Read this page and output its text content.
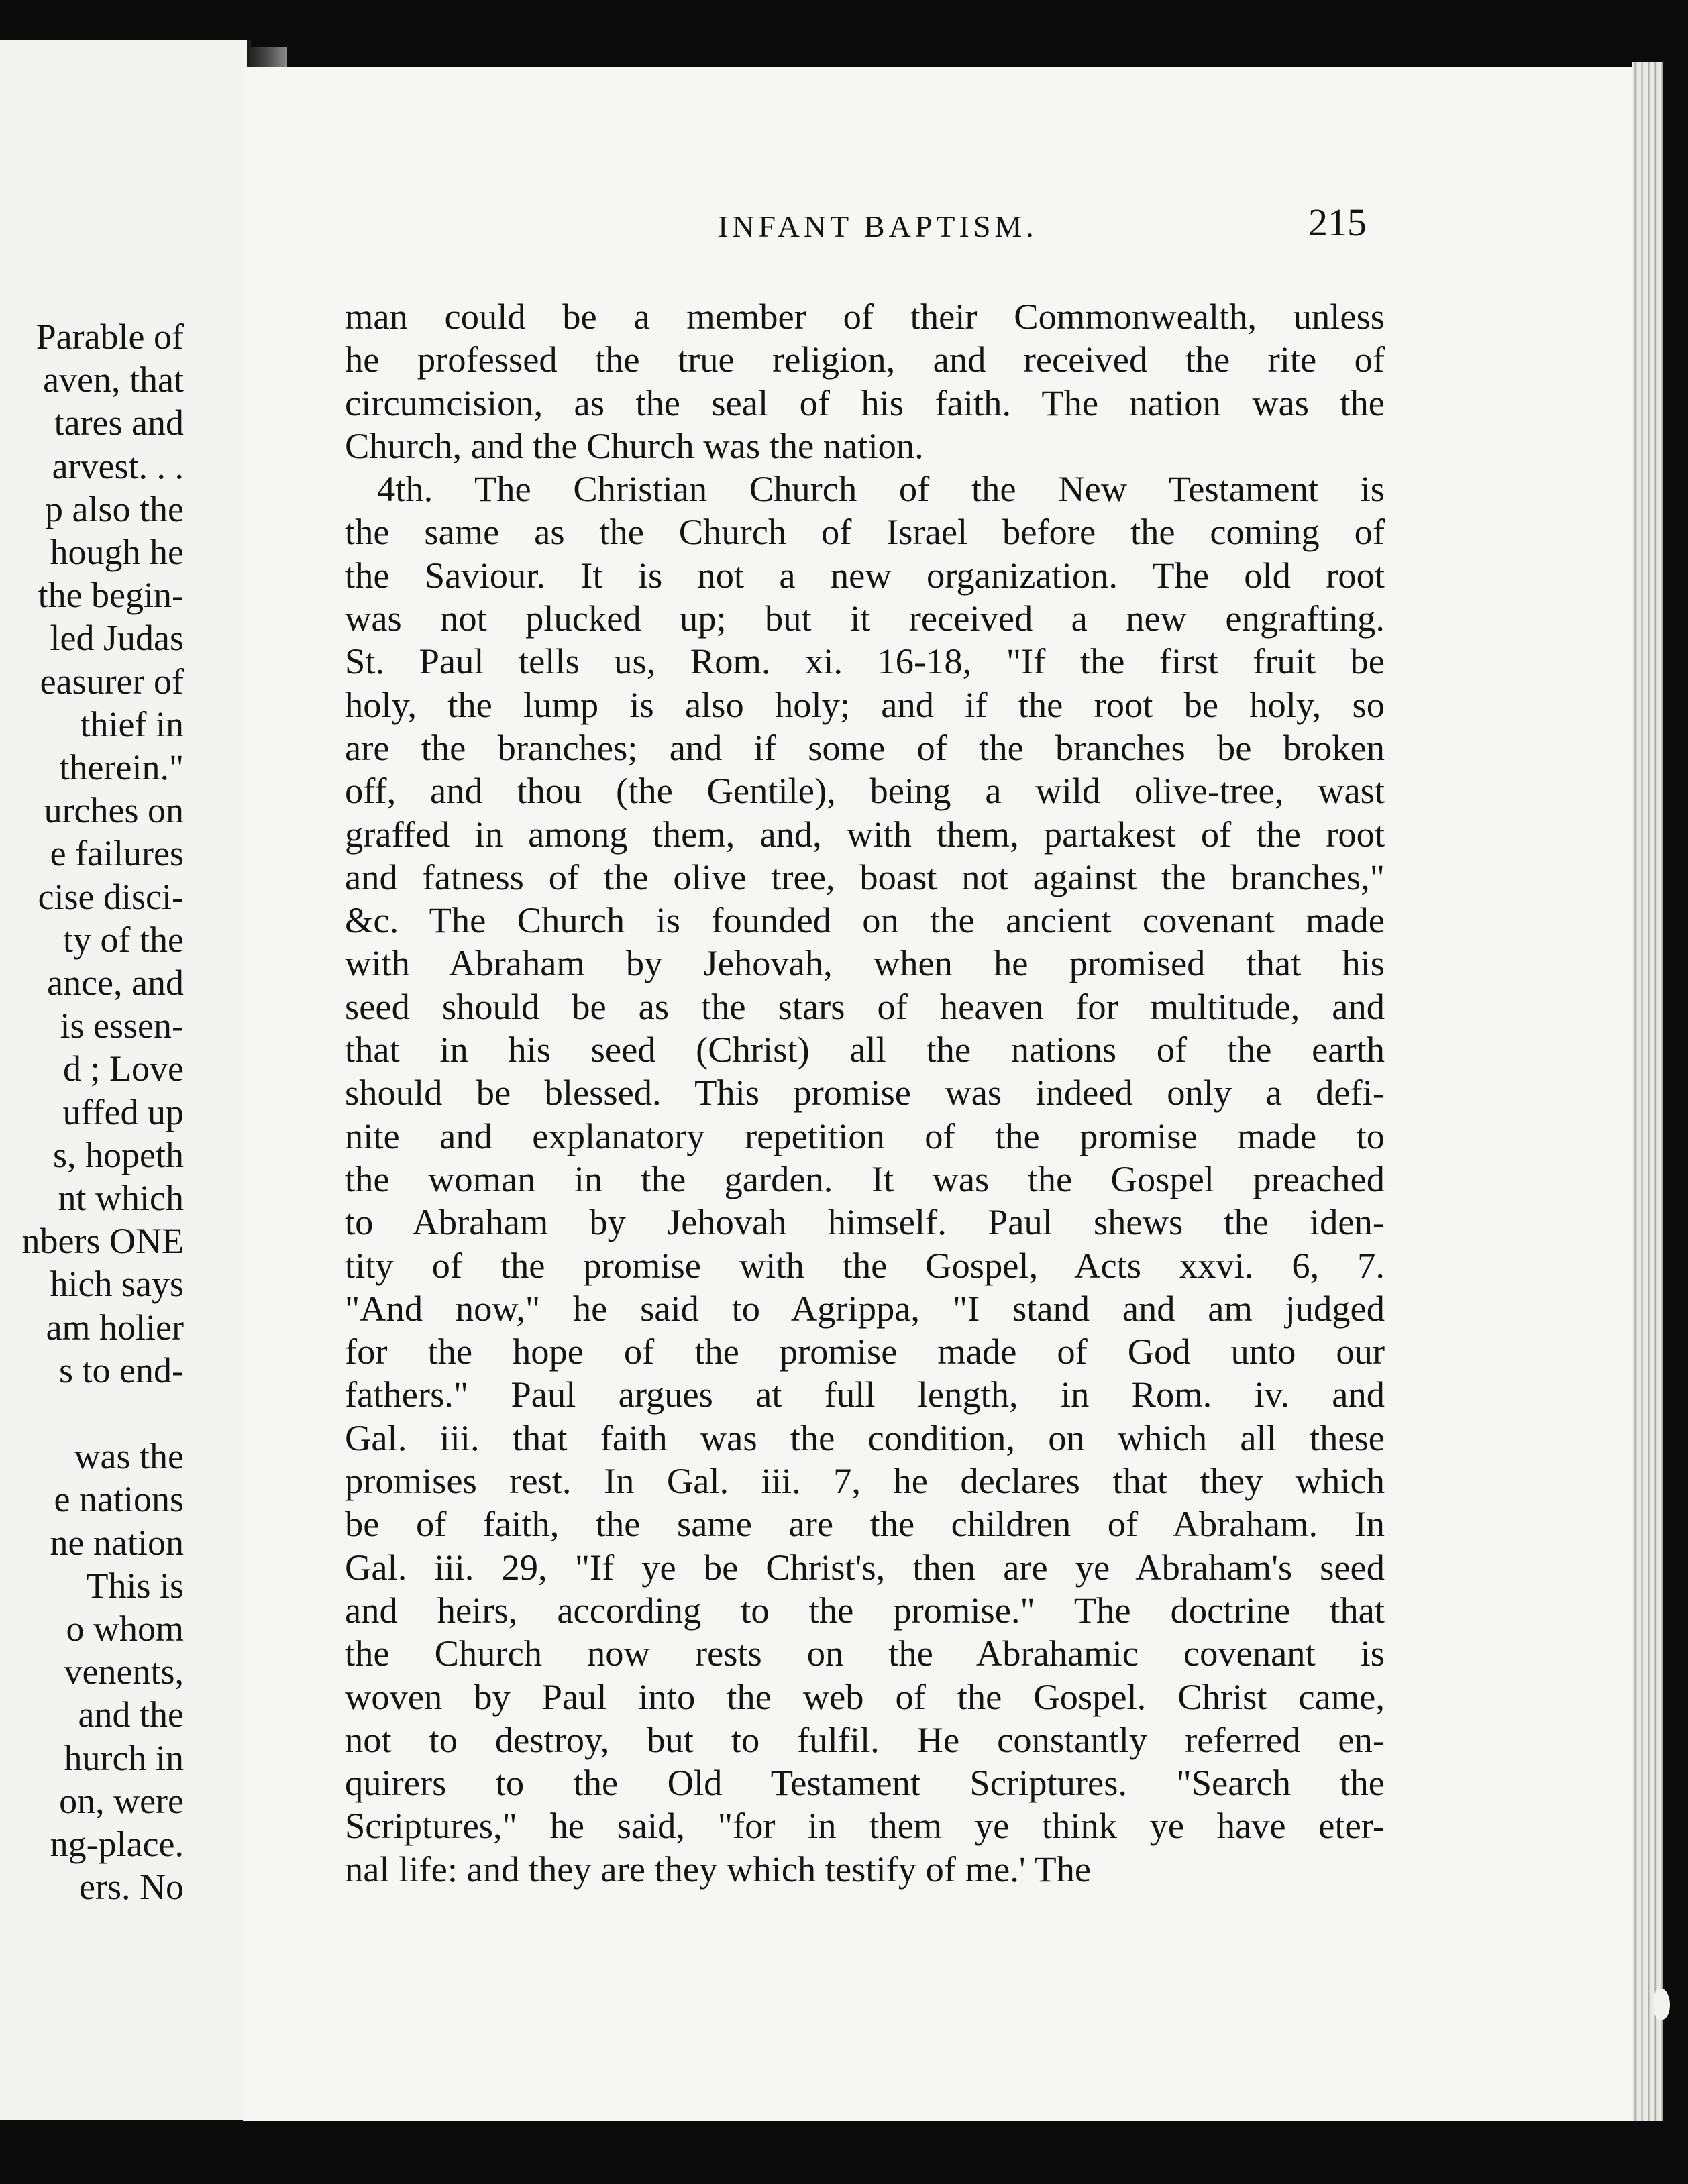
Parable of
aven, that
tares and
arvest. . .
p also the
hough he
the begin-
led Judas
easurer of
thief in
therein."
urches on
e failures
cise disci-
ty of the
ance, and
is essen-
d ; Love
uffed up
s, hopeth
nt which
nbers ONE
hich says
am holier
s to end-
was the
e nations
ne nation
This is
o whom
venents,
and the
hurch in
on, were
ng-place.
ers. No
INFANT BAPTISM.	215
man could be a member of their Commonwealth, unless
he professed the true religion, and received the rite of
circumcision, as the seal of his faith. The nation was the
Church, and the Church was the nation.
4th. The Christian Church of the New Testament is
the same as the Church of Israel before the coming of
the Saviour. It is not a new organization. The old root
was not plucked up; but it received a new engrafting.
St. Paul tells us, Rom. xi. 16-18, "If the first fruit be
holy, the lump is also holy; and if the root be holy, so
are the branches; and if some of the branches be broken
off, and thou (the Gentile), being a wild olive-tree, wast
graffed in among them, and, with them, partakest of the root
and fatness of the olive tree, boast not against the branches,"
&c. The Church is founded on the ancient covenant made
with Abraham by Jehovah, when he promised that his
seed should be as the stars of heaven for multitude, and
that in his seed (Christ) all the nations of the earth
should be blessed. This promise was indeed only a defi-
nite and explanatory repetition of the promise made to
the woman in the garden. It was the Gospel preached
to Abraham by Jehovah himself. Paul shews the iden-
tity of the promise with the Gospel, Acts xxvi. 6, 7.
"And now," he said to Agrippa, "I stand and am judged
for the hope of the promise made of God unto our
fathers." Paul argues at full length, in Rom. iv. and
Gal. iii. that faith was the condition, on which all these
promises rest. In Gal. iii. 7, he declares that they which
be of faith, the same are the children of Abraham. In
Gal. iii. 29, "If ye be Christ's, then are ye Abraham's seed
and heirs, according to the promise." The doctrine that
the Church now rests on the Abrahamic covenant is
woven by Paul into the web of the Gospel. Christ came,
not to destroy, but to fulfil. He constantly referred en-
quirers to the Old Testament Scriptures. "Search the
Scriptures," he said, "for in them ye think ye have eter-
nal life: and they are they which testify of me.' The
